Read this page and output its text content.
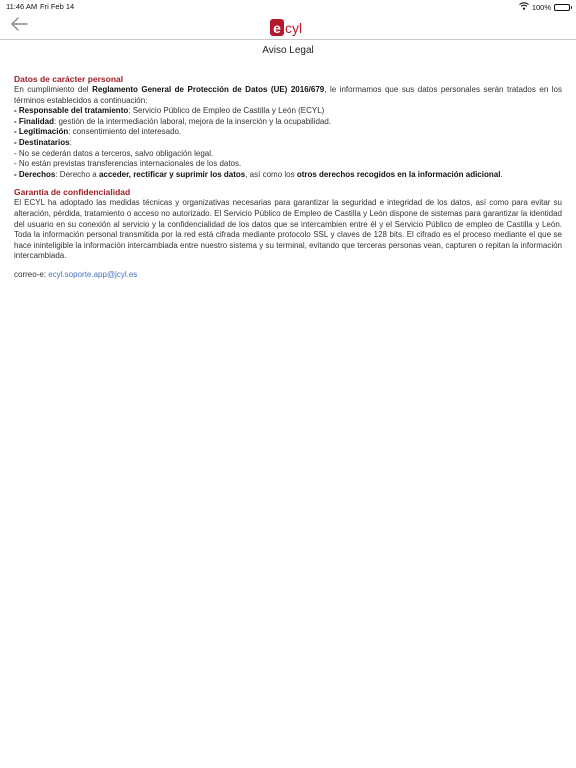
11:46 AM Fri Feb 14	100%
e cyl
Aviso Legal
Datos de carácter personal
En cumplimiento del Reglamento General de Protección de Datos (UE) 2016/679, le informamos que sus datos personales serán tratados en los términos establecidos a continuación:
- Responsable del tratamiento: Servicio Público de Empleo de Castilla y León (ECYL)
- Finalidad: gestión de la intermediación laboral, mejora de la inserción y la ocupabilidad.
- Legitimación: consentimiento del interesado.
- Destinatarios:
- No se cederán datos a terceros, salvo obligación legal.
- No están previstas transferencias internacionales de los datos.
- Derechos: Derecho a acceder, rectificar y suprimir los datos, así como los otros derechos recogidos en la información adicional.
Garantía de confidencialidad
El ECYL ha adoptado las medidas técnicas y organizativas necesarias para garantizar la seguridad e integridad de los datos, así como para evitar su alteración, pérdida, tratamiento o acceso no autorizado. El Servicio Público de Empleo de Castilla y León dispone de sistemas para garantizar la identidad del usuario en su conexión al servicio y la confidencialidad de los datos que se intercambien entre él y el Servicio Público de empleo de Castilla y León. Toda la información personal transmitida por la red está cifrada mediante protocolo SSL y claves de 128 bits. El cifrado es el proceso mediante el que se hace ininteligible la información intercambiada entre nuestro sistema y su terminal, evitando que terceras personas vean, capturen o repitan la información intercambiada.
correo-e: ecyl.soporte.app@jcyl.es
